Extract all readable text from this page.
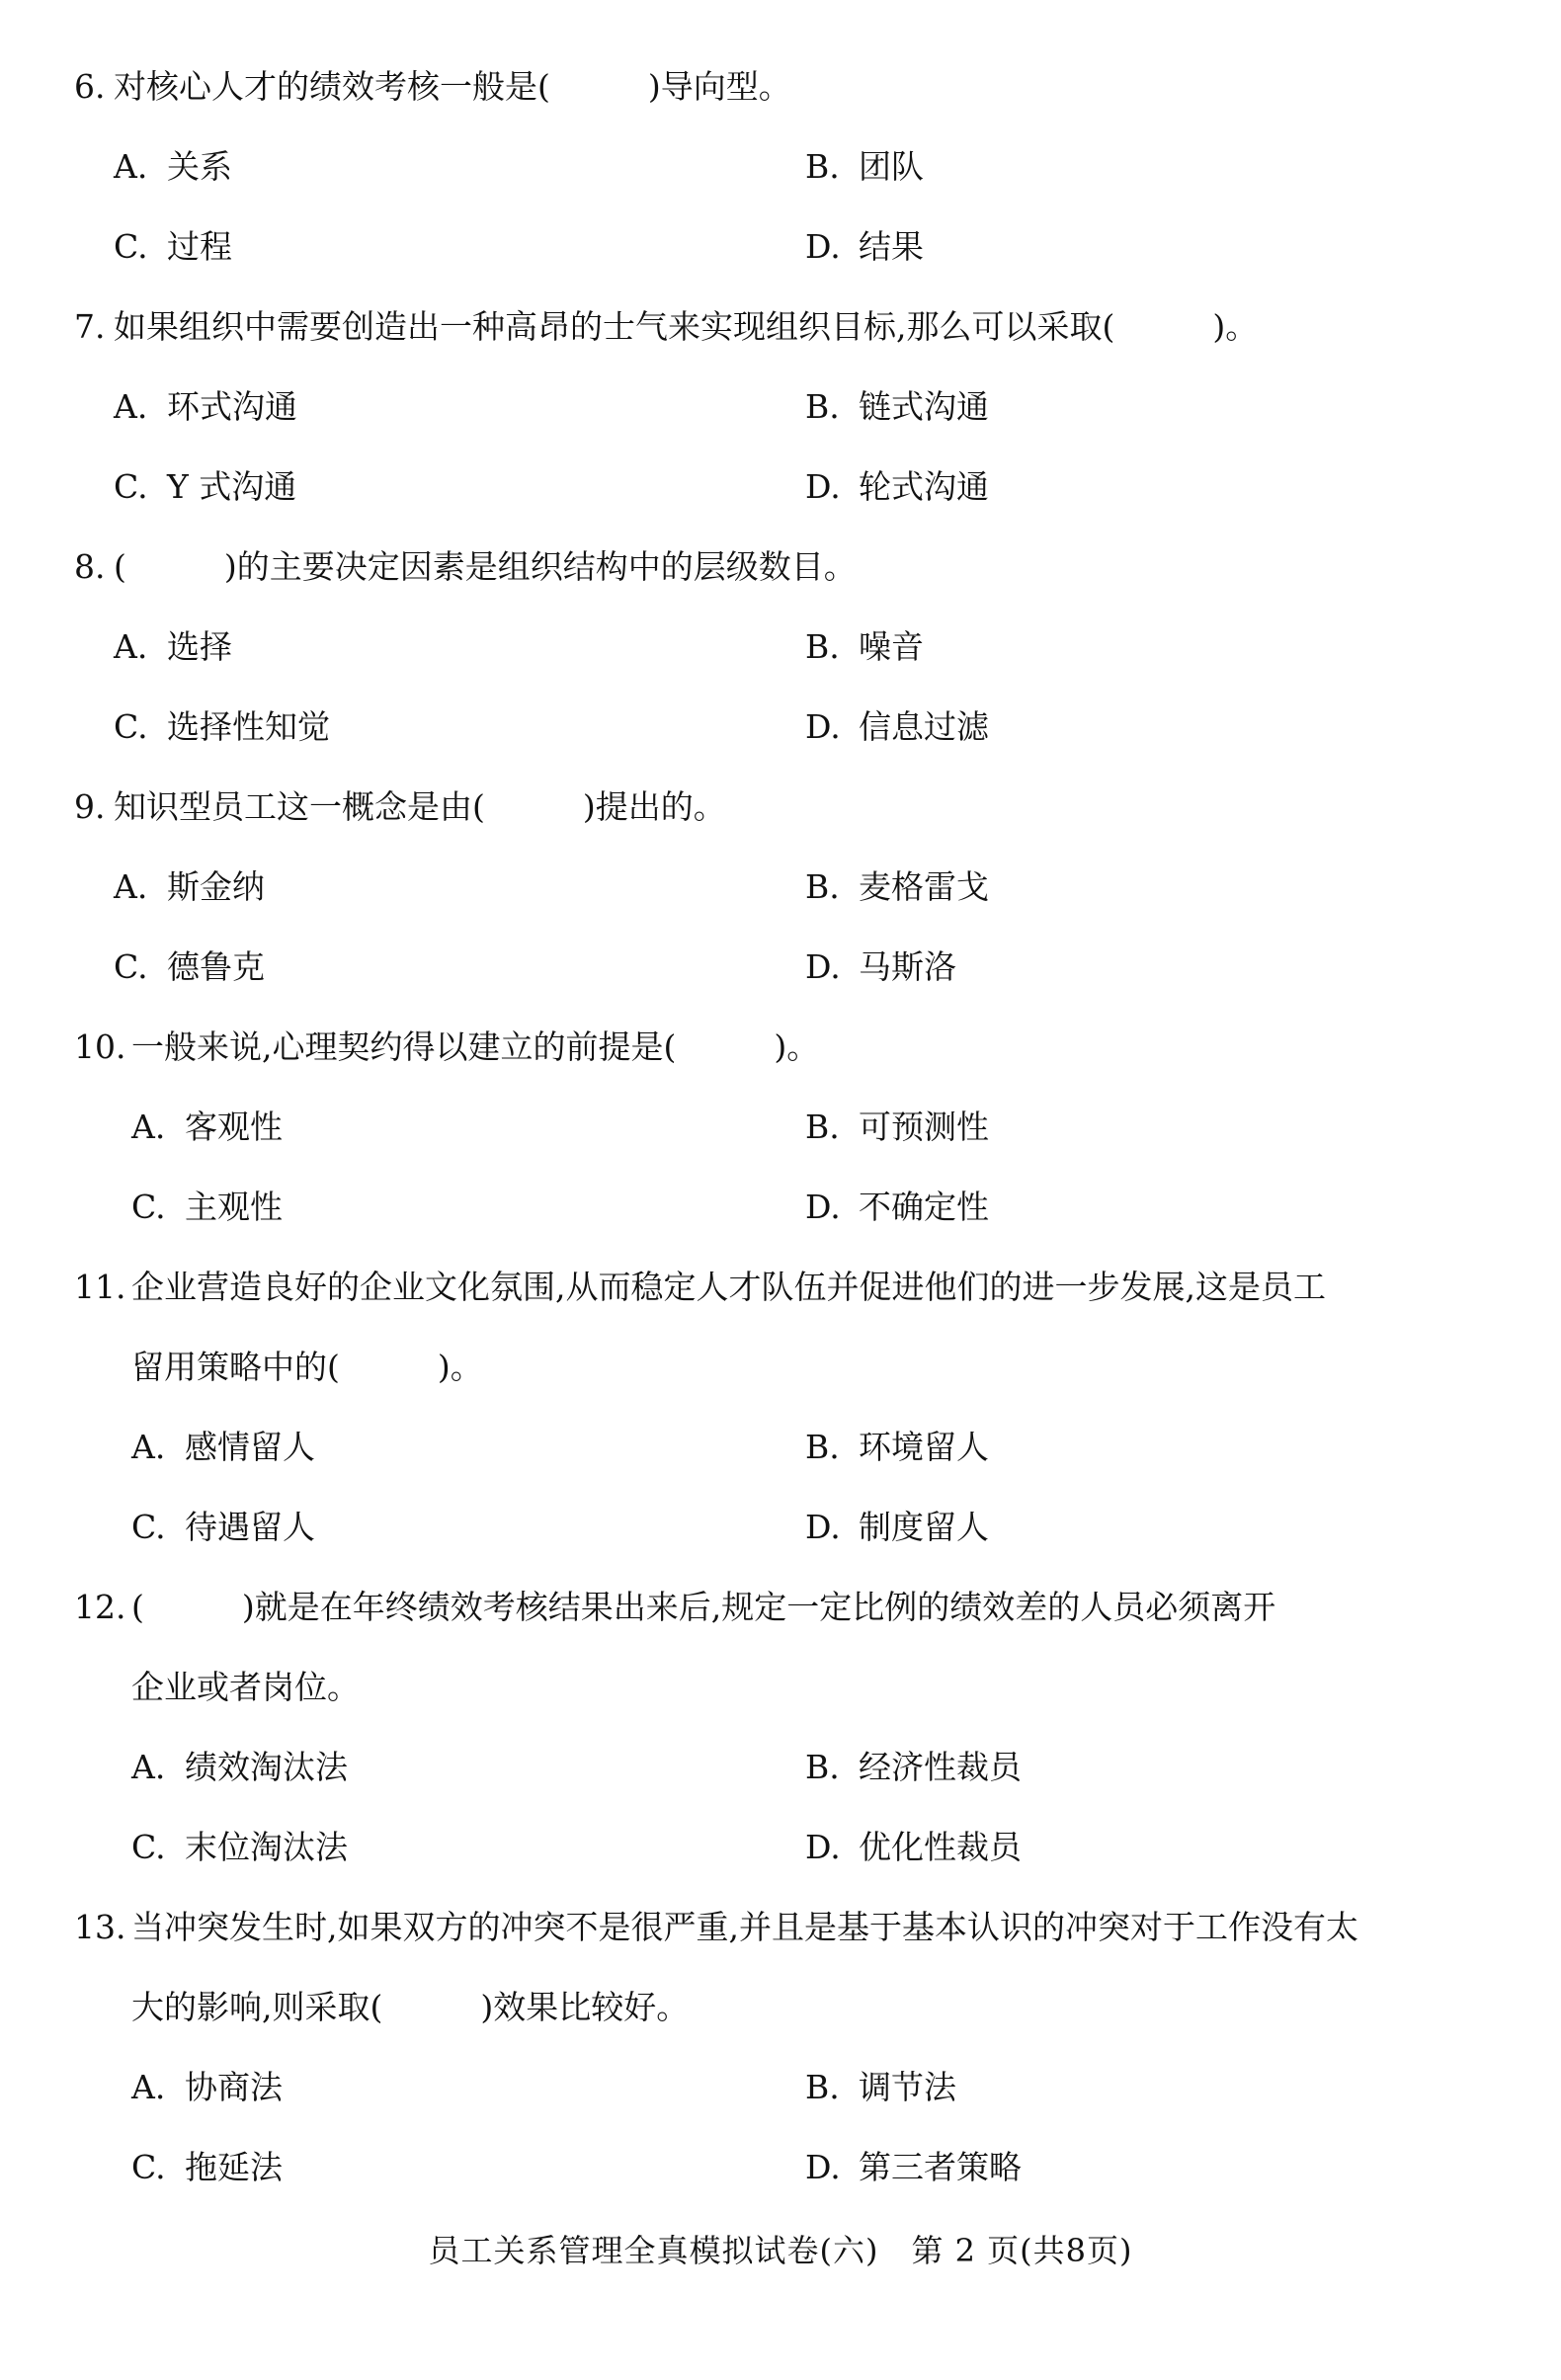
6. 对核心人才的绩效考核一般是(　　　)导向型。
A. 关系	B. 团队
C. 过程	D. 结果
7. 如果组织中需要创造出一种高昂的士气来实现组织目标,那么可以采取(　　　)。
A. 环式沟通	B. 链式沟通
C. Y 式沟通	D. 轮式沟通
8. (　　　)的主要决定因素是组织结构中的层级数目。
A. 选择	B. 噪音
C. 选择性知觉	D. 信息过滤
9. 知识型员工这一概念是由(　　　)提出的。
A. 斯金纳	B. 麦格雷戈
C. 德鲁克	D. 马斯洛
10. 一般来说,心理契约得以建立的前提是(　　　)。
A. 客观性	B. 可预测性
C. 主观性	D. 不确定性
11. 企业营造良好的企业文化氛围,从而稳定人才队伍并促进他们的进一步发展,这是员工
留用策略中的(　　　)。
A. 感情留人	B. 环境留人
C. 待遇留人	D. 制度留人
12. (　　　)就是在年终绩效考核结果出来后,规定一定比例的绩效差的人员必须离开
企业或者岗位。
A. 绩效淘汰法	B. 经济性裁员
C. 末位淘汰法	D. 优化性裁员
13. 当冲突发生时,如果双方的冲突不是很严重,并且是基于基本认识的冲突对于工作没有太
大的影响,则采取(　　　)效果比较好。
A. 协商法	B. 调节法
C. 拖延法	D. 第三者策略
员工关系管理全真模拟试卷(六)　第 2 页(共8页)
